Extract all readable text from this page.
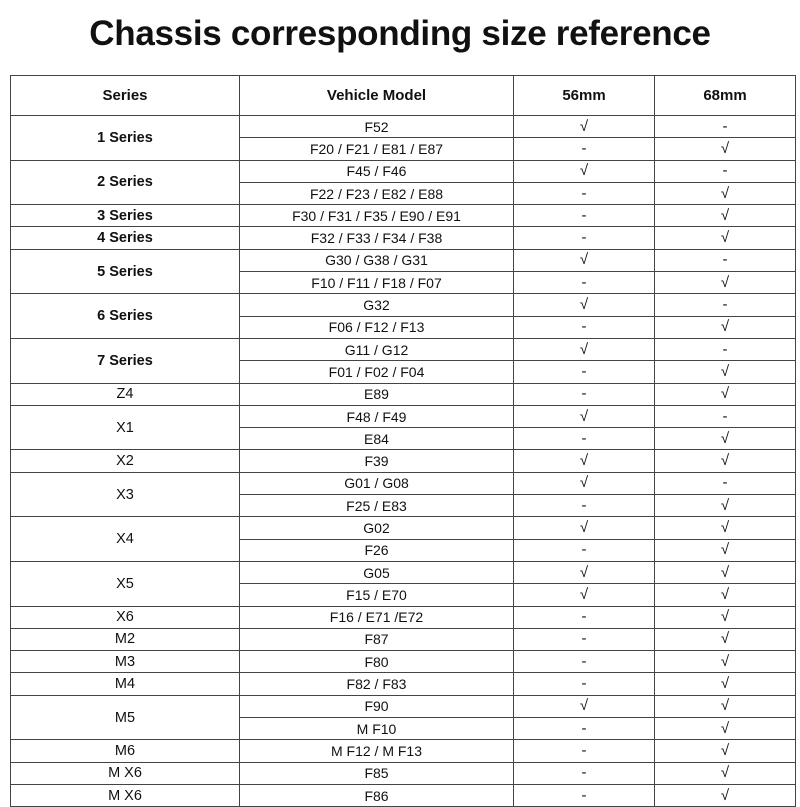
Chassis corresponding size reference
Series	Vehicle Model	56mm	68mm
1 Series	F52	√	-
	F20 / F21 / E81 / E87	-	√
2 Series	F45 / F46	√	-
	F22 / F23 / E82 / E88	-	√
3 Series	F30 / F31 / F35 / E90 / E91	-	√
4 Series	F32 / F33 / F34 / F38	-	√
5 Series	G30 / G38 / G31	√	-
	F10 / F11 / F18 / F07	-	√
6 Series	G32	√	-
	F06 / F12 / F13	-	√
7 Series	G11 / G12	√	-
	F01 / F02 / F04	-	√
Z4	E89	-	√
X1	F48 / F49	√	-
	E84	-	√
X2	F39	√	√
X3	G01 / G08	√	-
	F25 / E83	-	√
X4	G02	√	√
	F26	-	√
X5	G05	√	√
	F15 / E70	√	√
X6	F16 / E71 /E72	-	√
M2	F87	-	√
M3	F80	-	√
M4	F82 / F83	-	√
M5	F90	√	√
	M F10	-	√
M6	M F12 / M F13	-	√
M X6	F85	-	√
M X6	F86	-	√
